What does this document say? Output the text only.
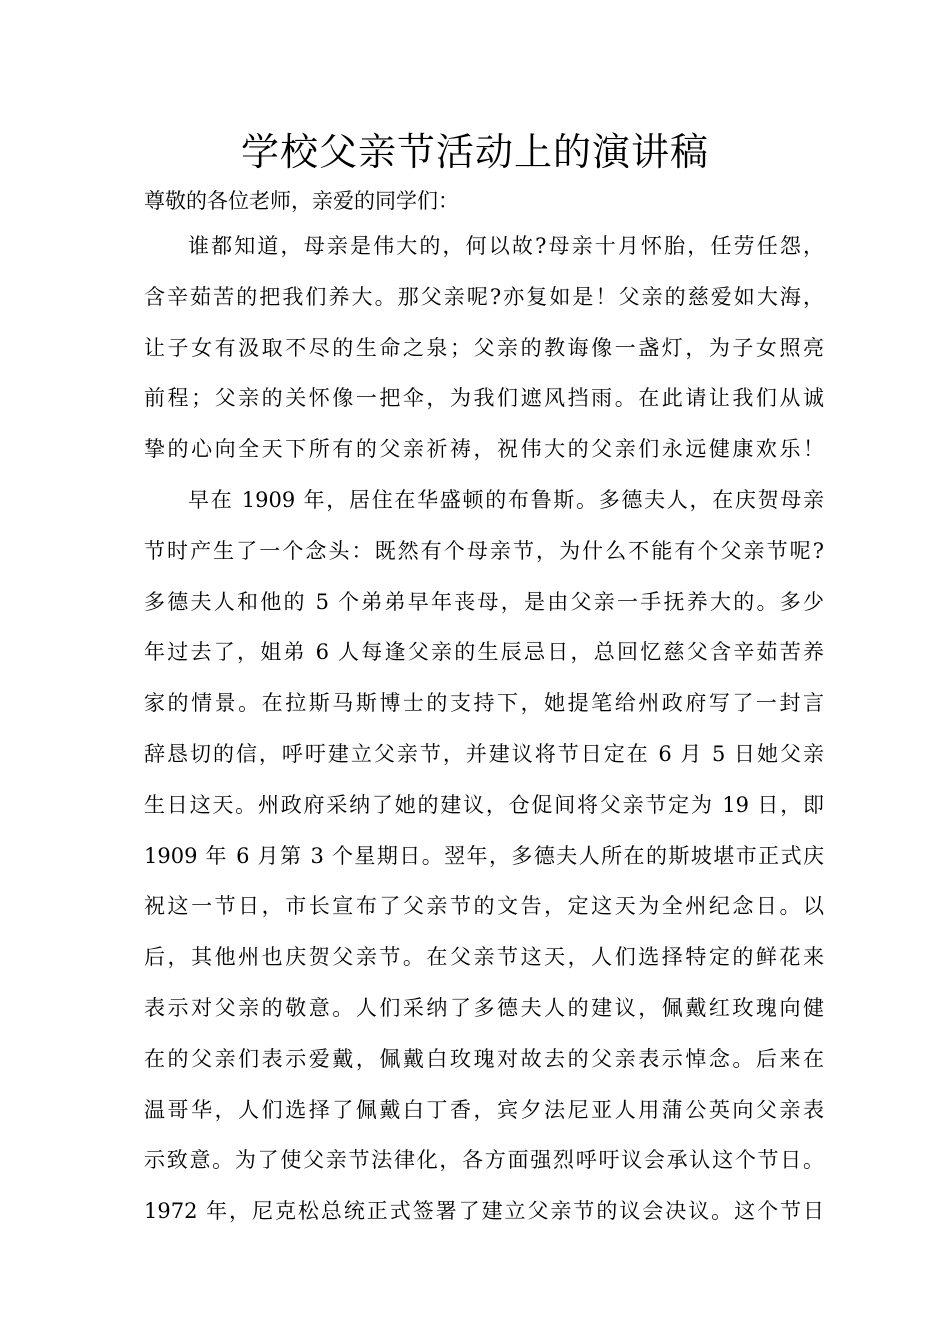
学校父亲节活动上的演讲稿
尊敬的各位老师，亲爱的同学们：
谁都知道，母亲是伟大的，何以故?母亲十月怀胎，任劳任怨，
含辛茹苦的把我们养大。那父亲呢?亦复如是！父亲的慈爱如大海，
让子女有汲取不尽的生命之泉；父亲的教诲像一盏灯，为子女照亮
前程；父亲的关怀像一把伞，为我们遮风挡雨。在此请让我们从诚
挚的心向全天下所有的父亲祈祷，祝伟大的父亲们永远健康欢乐！
早在 1909 年，居住在华盛顿的布鲁斯。多德夫人，在庆贺母亲
节时产生了一个念头：既然有个母亲节，为什么不能有个父亲节呢?
多德夫人和他的 5 个弟弟早年丧母，是由父亲一手抚养大的。多少
年过去了，姐弟 6 人每逢父亲的生辰忌日，总回忆慈父含辛茹苦养
家的情景。在拉斯马斯博士的支持下，她提笔给州政府写了一封言
辞恳切的信，呼吁建立父亲节，并建议将节日定在 6 月 5 日她父亲
生日这天。州政府采纳了她的建议，仓促间将父亲节定为 19 日，即
1909 年 6 月第 3 个星期日。翌年，多德夫人所在的斯坡堪市正式庆
祝这一节日，市长宣布了父亲节的文告，定这天为全州纪念日。以
后，其他州也庆贺父亲节。在父亲节这天，人们选择特定的鲜花来
表示对父亲的敬意。人们采纳了多德夫人的建议，佩戴红玫瑰向健
在的父亲们表示爱戴，佩戴白玫瑰对故去的父亲表示悼念。后来在
温哥华，人们选择了佩戴白丁香，宾夕法尼亚人用蒲公英向父亲表
示致意。为了使父亲节法律化，各方面强烈呼吁议会承认这个节日。
1972 年，尼克松总统正式签署了建立父亲节的议会决议。这个节日
